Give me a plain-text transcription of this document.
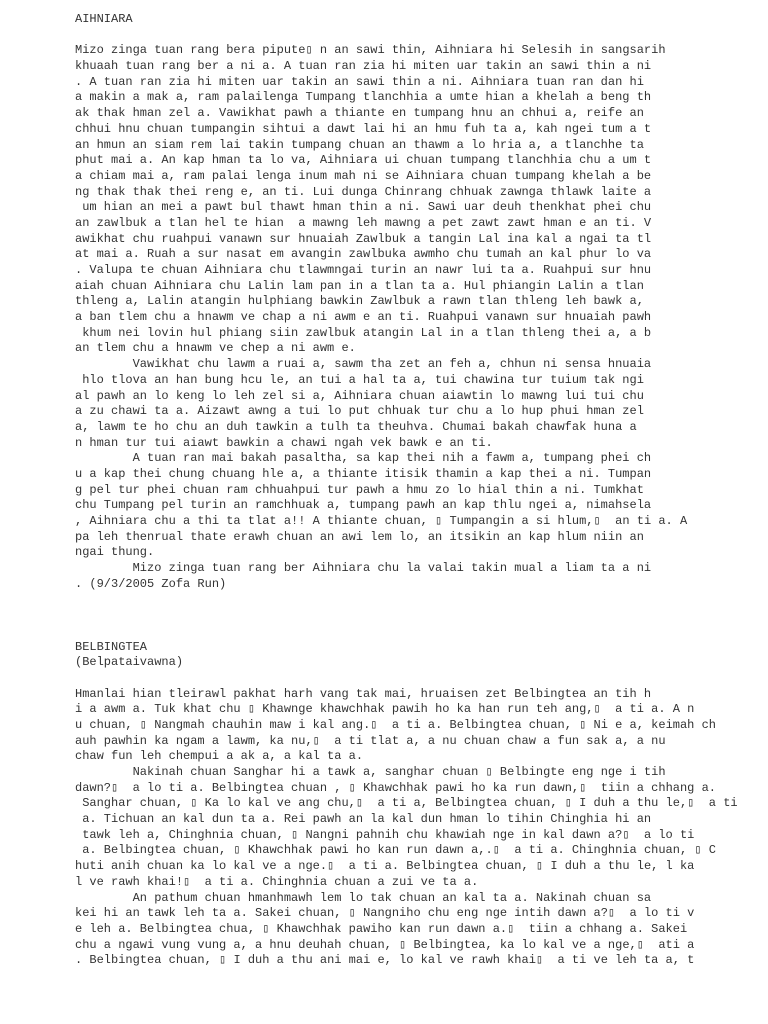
AIHNIARA
Mizo zinga tuan rang bera pipute▯ n an sawi thin, Aihniara hi Selesih in sangsarih
khuaah tuan rang ber a ni a. A tuan ran zia hi miten uar takin an sawi thin a ni
. A tuan ran zia hi miten uar takin an sawi thin a ni. Aihniara tuan ran dan hi
a makin a mak a, ram palailenga Tumpang tlanchhia a umte hian a khelah a beng th
ak thak hman zel a. Vawikhat pawh a thiante en tumpang hnu an chhui a, reife an
chhui hnu chuan tumpangin sihtui a dawt lai hi an hmu fuh ta a, kah ngei tum a t
an hmun an siam rem lai takin tumpang chuan an thawm a lo hria a, a tlanchhe ta
phut mai a. An kap hman ta lo va, Aihniara ui chuan tumpang tlanchhia chu a um t
a chiam mai a, ram palai lenga inum mah ni se Aihniara chuan tumpang khelah a be
ng thak thak thei reng e, an ti. Lui dunga Chinrang chhuak zawnga thlawk laite a
um hian an mei a pawt bul thawt hman thin a ni. Sawi uar deuh thenkhat phei chu
an zawlbuk a tlan hel te hian  a mawng leh mawng a pet zawt zawt hman e an ti. V
awikhat chu ruahpui vanawn sur hnuaiah Zawlbuk a tangin Lal ina kal a ngai ta tl
at mai a. Ruah a sur nasat em avangin zawlbuka awmho chu tumah an kal phur lo va
. Valupa te chuan Aihniara chu tlawmngai turin an nawr lui ta a. Ruahpui sur hnu
aiah chuan Aihniara chu Lalin lam pan in a tlan ta a. Hul phiangin Lalin a tlan
thleng a, Lalin atangin hulphiang bawkin Zawlbuk a rawn tlan thleng leh bawk a,
a ban tlem chu a hnawm ve chap a ni awm e an ti. Ruahpui vanawn sur hnuaiah pawh
khum nei lovin hul phiang siin zawlbuk atangin Lal in a tlan thleng thei a, a b
an tlem chu a hnawm ve chep a ni awm e.
Vawikhat chu lawm a ruai a, sawm tha zet an feh a, chhun ni sensa hnuaia
hlo tlova an han bung hcu le, an tui a hal ta a, tui chawina tur tuium tak ngi
al pawh an lo keng lo leh zel si a, Aihniara chuan aiawtin lo mawng lui tui chu
a zu chawi ta a. Aizawt awng a tui lo put chhuak tur chu a lo hup phui hman zel
a, lawm te ho chu an duh tawkin a tulh ta theuhva. Chumai bakah chawfak huna a
n hman tur tui aiawt bawkin a chawi ngah vek bawk e an ti.
A tuan ran mai bakah pasaltha, sa kap thei nih a fawm a, tumpang phei ch
u a kap thei chung chuang hle a, a thiante itisik thamin a kap thei a ni. Tumpan
g pel tur phei chuan ram chhuahpui tur pawh a hmu zo lo hial thin a ni. Tumkhat
chu Tumpang pel turin an ramchhuak a, tumpang pawh an kap thlu ngei a, nimahsela
, Aihniara chu a thi ta tlat a!! A thiante chuan, ▯ Tumpangin a si hlum,▯  an ti a. A
pa leh thenrual thate erawh chuan an awi lem lo, an itsikin an kap hlum niin an
ngai thung.
Mizo zinga tuan rang ber Aihniara chu la valai takin mual a liam ta a ni
. (9/3/2005 Zofa Run)
BELBINGTEA
(Belpataivawna)
Hmanlai hian tleirawl pakhat harh vang tak mai, hruaisen zet Belbingtea an tih h
i a awm a. Tuk khat chu ▯ Khawnge khawchhak pawih ho ka han run teh ang,▯  a ti a. A n
u chuan, ▯ Nangmah chauhin maw i kal ang.▯  a ti a. Belbingtea chuan, ▯ Ni e a, keimah ch
auh pawhin ka ngam a lawm, ka nu,▯  a ti tlat a, a nu chuan chaw a fun sak a, a nu
chaw fun leh chempui a ak a, a kal ta a.
Nakinah chuan Sanghar hi a tawk a, sanghar chuan ▯ Belbingte eng nge i tih
dawn?▯  a lo ti a. Belbingtea chuan , ▯ Khawchhak pawi ho ka run dawn,▯  tiin a chhang a.
Sanghar chuan, ▯ Ka lo kal ve ang chu,▯  a ti a, Belbingtea chuan, ▯ I duh a thu le,▯  a ti
a. Tichuan an kal dun ta a. Rei pawh an la kal dun hman lo tihin Chinghia hi an
tawk leh a, Chinghnia chuan, ▯ Nangni pahnih chu khawiah nge in kal dawn a?▯  a lo ti
a. Belbingtea chuan, ▯ Khawchhak pawi ho kan run dawn a,.▯  a ti a. Chinghnia chuan, ▯ C
huti anih chuan ka lo kal ve a nge.▯  a ti a. Belbingtea chuan, ▯ I duh a thu le, l ka
l ve rawh khai!▯  a ti a. Chinghnia chuan a zui ve ta a.
An pathum chuan hmanhmawh lem lo tak chuan an kal ta a. Nakinah chuan sa
kei hi an tawk leh ta a. Sakei chuan, ▯ Nangniho chu eng nge intih dawn a?▯  a lo ti v
e leh a. Belbingtea chua, ▯ Khawchhak pawiho kan run dawn a.▯  tiin a chhang a. Sakei
chu a ngawi vung vung a, a hnu deuhah chuan, ▯ Belbingtea, ka lo kal ve a nge,▯  ati a
. Belbingtea chuan, ▯ I duh a thu ani mai e, lo kal ve rawh khai▯  a ti ve leh ta a, t
